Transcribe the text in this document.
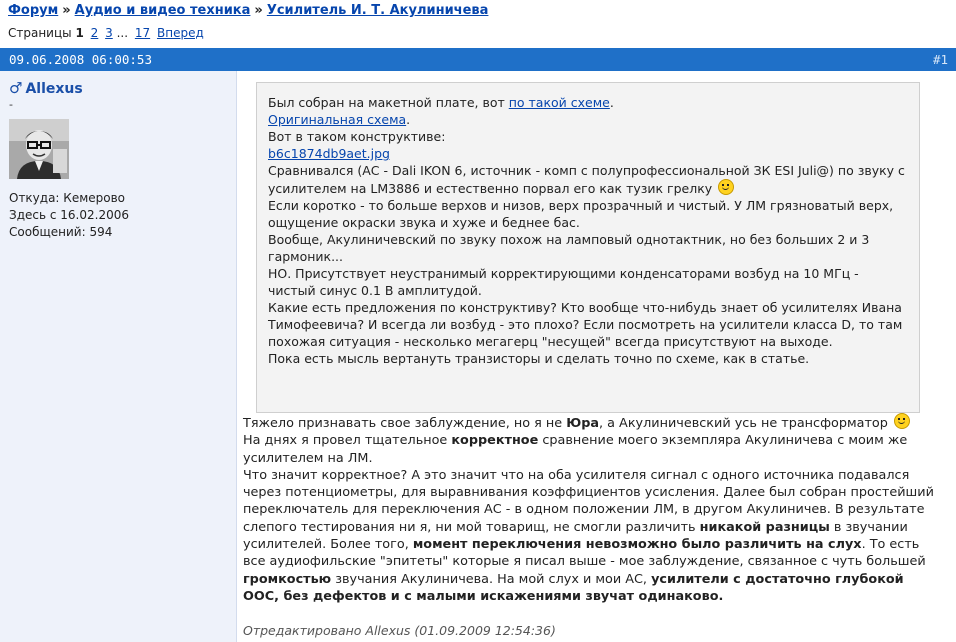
Форум » Аудио и видео техника » Усилитель И. Т. Акулиничева
Страницы 1 2 3 ... 17 Вперед
09.06.2008 06:00:53	#1
♂ Allexus
-
Откуда: Кемерово
Здесь с 16.02.2006
Сообщений: 594

Был собран на макетной плате, вот по такой схеме.

Оригинальная схема.

Вот в таком конструктиве:

b6c1874db9aet.jpg

Сравнивался (АС - Dali IKON 6, источник - комп с полупрофессиональной ЗК ESI Juli@) по звуку с усилителем на LM3886 и естественно порвал его как тузик грелку

Если коротко - то больше верхов и низов, верх прозрачный и чистый. У ЛМ грязноватый верх, ощущение окраски звука и хуже и беднее бас.

Вообще, Акулиничевский по звуку похож на ламповый однотактник, но без больших 2 и 3 гармоник...

НО. Присутствует неустранимый корректирующими конденсаторами возбуд на 10 МГц - чистый синус 0.1 В амплитудой.

Какие есть предложения по конструктиву? Кто вообще что-нибудь знает об усилителях Ивана Тимофеевича? И всегда ли возбуд - это плохо? Если посмотреть на усилители класса D, то там похожая ситуация - несколько мегагерц "несущей" всегда присутствуют на выходе.

Пока есть мысль вертануть транзисторы и сделать точно по схеме, как в статье.

Тяжело признавать свое заблуждение, но я не Юра, а Акулиничевский усь не трансформатор

На днях я провел тщательное корректное сравнение моего экземпляра Акулиничева с моим же усилителем на ЛМ.

Что значит корректное? А это значит что на оба усилителя сигнал с одного источника подавался через потенциометры, для выравнивания коэффициентов усисления. Далее был собран простейший переключатель для переключения АС - в одном положении ЛМ, в другом Акулиничев. В результате слепого тестирования ни я, ни мой товарищ, не смогли различить никакой разницы в звучании усилителей. Более того, момент переключения невозможно было различить на слух. То есть все аудиофильские "эпитеты" которые я писал выше - мое заблуждение, связанное с чуть большей громкостью звучания Акулиничева. На мой слух и мои АС, усилители с достаточно глубокой ООС, без дефектов и с малыми искажениями звучат одинаково.

Отредактировано Allexus (01.09.2009 12:54:36)
